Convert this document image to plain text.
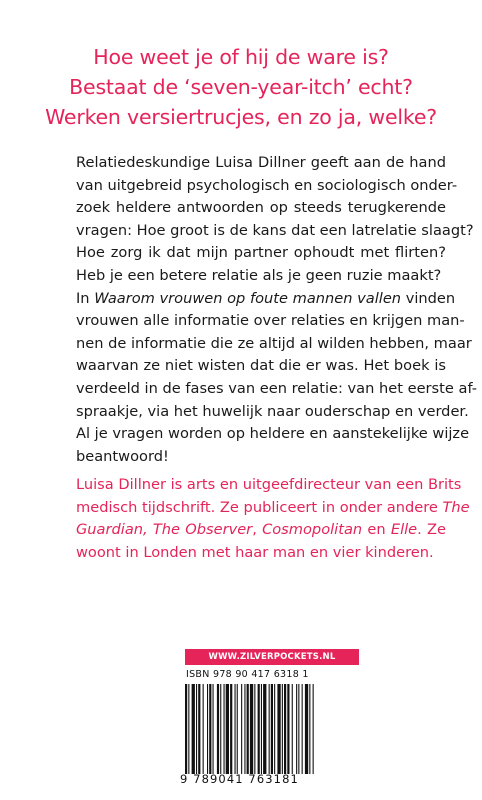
Hoe weet je of hij de ware is?
Bestaat de ‘seven-year-itch’ echt?
Werken versiertrucjes, en zo ja, welke?
Relatiedeskundige Luisa Dillner geeft aan de hand
van uitgebreid psychologisch en sociologisch onder-
zoek heldere antwoorden op steeds terugkerende
vragen: Hoe groot is de kans dat een latrelatie slaagt?
Hoe zorg ik dat mijn partner ophoudt met flirten?
Heb je een betere relatie als je geen ruzie maakt?
In Waarom vrouwen op foute mannen vallen vinden
vrouwen alle informatie over relaties en krijgen man-
nen de informatie die ze altijd al wilden hebben, maar
waarvan ze niet wisten dat die er was. Het boek is
verdeeld in de fases van een relatie: van het eerste af-
spraakje, via het huwelijk naar ouderschap en verder.
Al je vragen worden op heldere en aanstekelijke wijze
beantwoord!
Luisa Dillner is arts en uitgeefdirecteur van een Brits
medisch tijdschrift. Ze publiceert in onder andere The
Guardian, The Observer, Cosmopolitan en Elle. Ze
woont in Londen met haar man en vier kinderen.
WWW.ZILVERPOCKETS.NL
ISBN 978 90 417 6318 1
9 789041 763181
